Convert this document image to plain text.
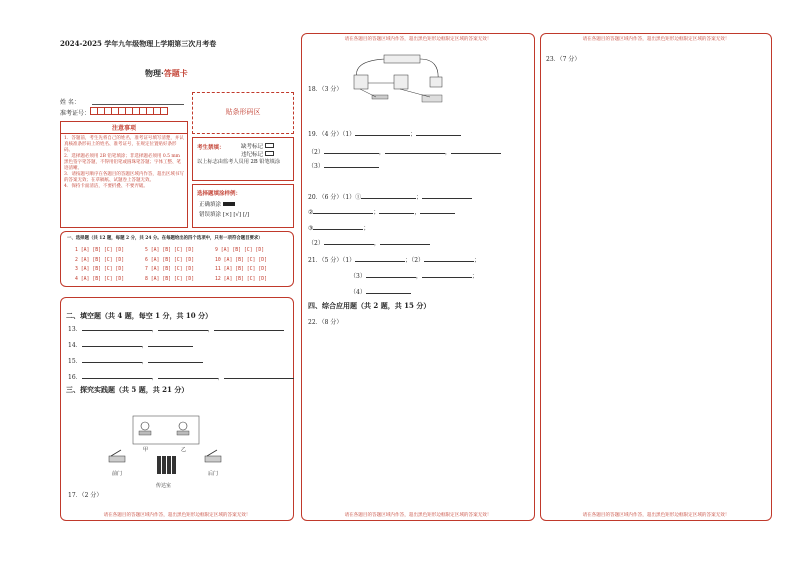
2024-2025 学年九年级物理上学期第三次月考卷
物理·答题卡
姓 名：
准考证号：	贴条形码区
注意事项
1．答题前，考生先将自己的姓名，准考证号填写清楚，并认真核准条形码上的姓名、准考证号，在规定位置贴好条形码。
2．选择题必须用 2B 铅笔填涂；非选择题必须用 0.5 mm 黑色签字笔答题，不得用铅笔或圆珠笔答题；字体工整、笔迹清晰。
3．请按题号顺序在各题目的答题区域内作答，超出区域书写的答案无效；在草稿纸、试题卷上答题无效。
4．保持卡面清洁，不要折叠、不要弄破。
考生禁填：	缺考标记
违纪标记
以上标志由监考人员用 2B 铅笔填涂
选择题填涂样例：
正确填涂
错误填涂 [×] [√] [/]
一、选择题（共 12 题，每题 2 分，共 24 分。在每题给出的四个选项中，只有一项符合题目要求）
1 [A] [B] [C] [D]	5 [A] [B] [C] [D]	9 [A] [B] [C] [D]
2 [A] [B] [C] [D]	6 [A] [B] [C] [D]	10 [A] [B] [C] [D]
3 [A] [B] [C] [D]	7 [A] [B] [C] [D]	11 [A] [B] [C] [D]
4 [A] [B] [C] [D]	8 [A] [B] [C] [D]	12 [A] [B] [C] [D]
二、填空题（共 4 题，每空 1 分，共 10 分）
13．	，	，
14．	，
15．	，
16．	，	，
三、探究实践题（共 5 题，共 21 分）
甲	乙
前门	后门
传达室
17．（2 分）
请在各题目的答题区域内作答，超出黑色矩形边框限定区域的答案无效！
请在各题目的答题区域内作答，超出黑色矩形边框限定区域的答案无效！
18．（3 分）
19．（4 分）（1）	；
（2）	，	，
（3）
20．（6 分）（1）①	；
②	；	，
③	；
（2）	，
21．（5 分）（1）	；（2）	；
（3）	，	；
（4）
四、综合应用题（共 2 题，共 15 分）
22．（8 分）
请在各题目的答题区域内作答，超出黑色矩形边框限定区域的答案无效！
请在各题目的答题区域内作答，超出黑色矩形边框限定区域的答案无效！
23．（7 分）
请在各题目的答题区域内作答，超出黑色矩形边框限定区域的答案无效！
